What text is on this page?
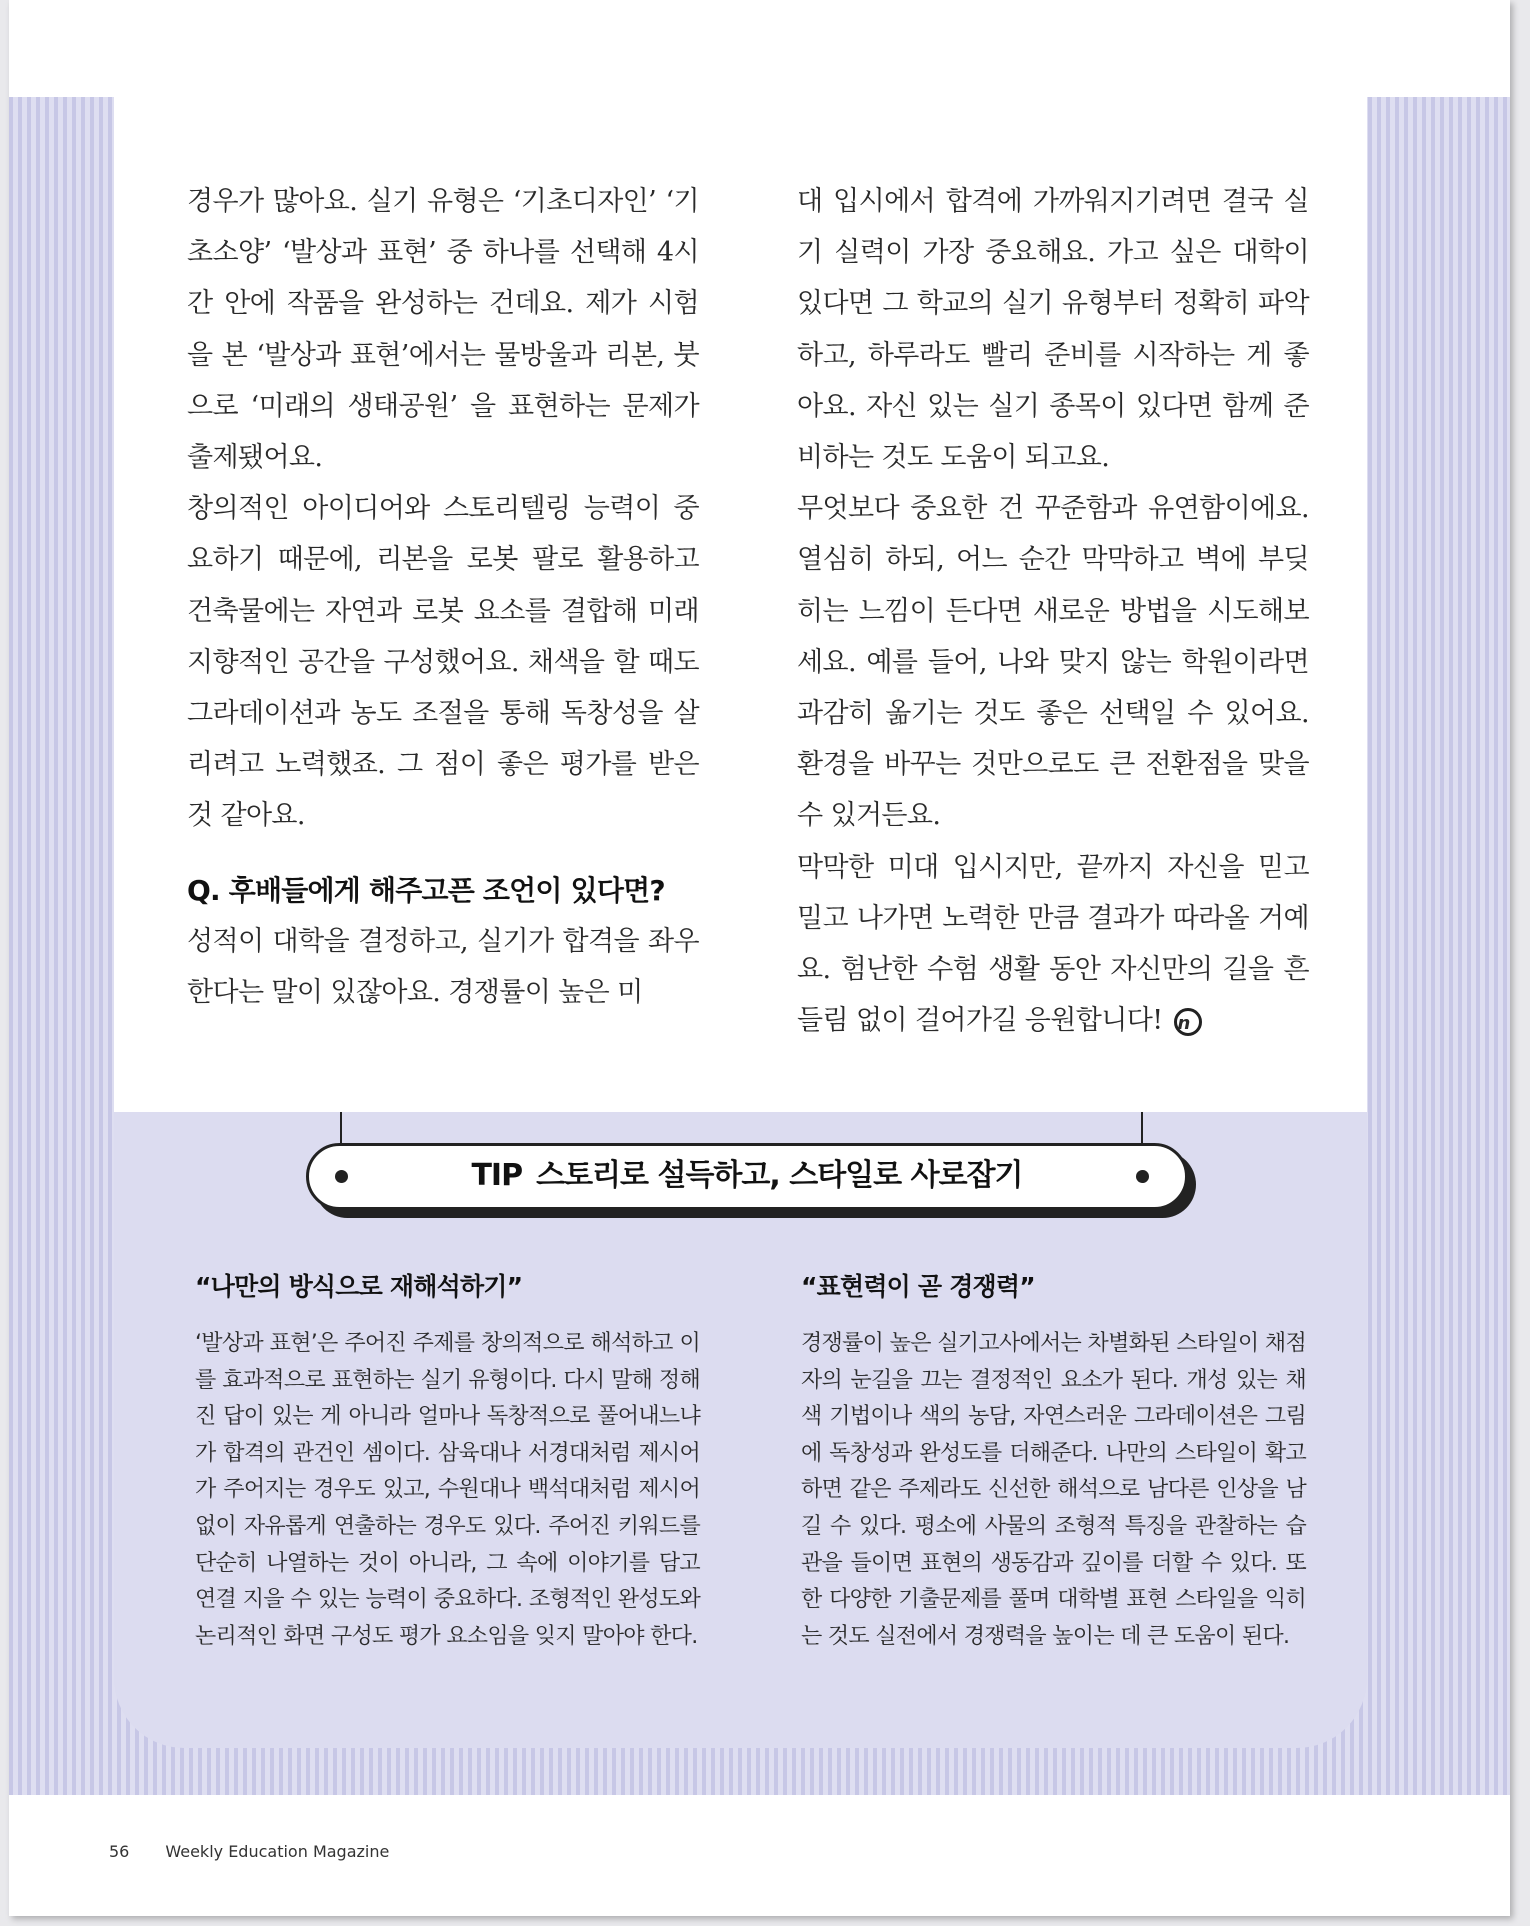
경우가 많아요. 실기 유형은 ‘기초디자인’ ‘기초소양’ ‘발상과 표현’ 중 하나를 선택해 4시간 안에 작품을 완성하는 건데요. 제가 시험을 본 ‘발상과 표현’에서는 물방울과 리본, 붓으로 ‘미래의 생태공원’ 을 표현하는 문제가 출제됐어요.

창의적인 아이디어와 스토리텔링 능력이 중요하기 때문에, 리본을 로봇 팔로 활용하고 건축물에는 자연과 로봇 요소를 결합해 미래 지향적인 공간을 구성했어요. 채색을 할 때도 그라데이션과 농도 조절을 통해 독창성을 살리려고 노력했죠. 그 점이 좋은 평가를 받은 것 같아요.

Q. 후배들에게 해주고픈 조언이 있다면?

성적이 대학을 결정하고, 실기가 합격을 좌우한다는 말이 있잖아요. 경쟁률이 높은 미

대 입시에서 합격에 가까워지기려면 결국 실기 실력이 가장 중요해요. 가고 싶은 대학이 있다면 그 학교의 실기 유형부터 정확히 파악하고, 하루라도 빨리 준비를 시작하는 게 좋아요. 자신 있는 실기 종목이 있다면 함께 준비하는 것도 도움이 되고요.

무엇보다 중요한 건 꾸준함과 유연함이에요. 열심히 하되, 어느 순간 막막하고 벽에 부딪히는 느낌이 든다면 새로운 방법을 시도해보세요. 예를 들어, 나와 맞지 않는 학원이라면 과감히 옮기는 것도 좋은 선택일 수 있어요. 환경을 바꾸는 것만으로도 큰 전환점을 맞을 수 있거든요.

막막한 미대 입시지만, 끝까지 자신을 믿고 밀고 나가면 노력한 만큼 결과가 따라올 거예요. 험난한 수험 생활 동안 자신만의 길을 흔들림 없이 걸어가길 응원합니다! n

TIP 스토리로 설득하고, 스타일로 사로잡기

“나만의 방식으로 재해석하기”

‘발상과 표현’은 주어진 주제를 창의적으로 해석하고 이를 효과적으로 표현하는 실기 유형이다. 다시 말해 정해진 답이 있는 게 아니라 얼마나 독창적으로 풀어내느냐가 합격의 관건인 셈이다. 삼육대나 서경대처럼 제시어가 주어지는 경우도 있고, 수원대나 백석대처럼 제시어 없이 자유롭게 연출하는 경우도 있다. 주어진 키워드를 단순히 나열하는 것이 아니라, 그 속에 이야기를 담고 연결 지을 수 있는 능력이 중요하다. 조형적인 완성도와 논리적인 화면 구성도 평가 요소임을 잊지 말아야 한다.

“표현력이 곧 경쟁력”

경쟁률이 높은 실기고사에서는 차별화된 스타일이 채점자의 눈길을 끄는 결정적인 요소가 된다. 개성 있는 채색 기법이나 색의 농담, 자연스러운 그라데이션은 그림에 독창성과 완성도를 더해준다. 나만의 스타일이 확고하면 같은 주제라도 신선한 해석으로 남다른 인상을 남길 수 있다. 평소에 사물의 조형적 특징을 관찰하는 습관을 들이면 표현의 생동감과 깊이를 더할 수 있다. 또한 다양한 기출문제를 풀며 대학별 표현 스타일을 익히는 것도 실전에서 경쟁력을 높이는 데 큰 도움이 된다.

56 Weekly Education Magazine
